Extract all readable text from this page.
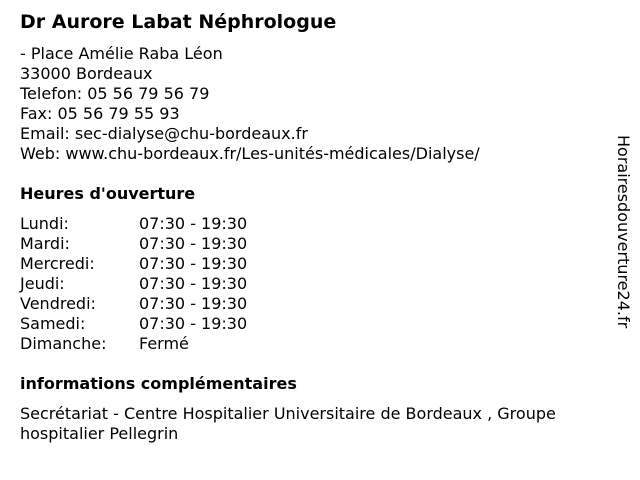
Dr Aurore Labat Néphrologue
- Place Amélie Raba Léon
33000 Bordeaux
Telefon: 05 56 79 56 79
Fax: 05 56 79 55 93
Email: sec-dialyse@chu-bordeaux.fr
Web: www.chu-bordeaux.fr/Les-unités-médicales/Dialyse/
Heures d'ouverture
Lundi:	07:30 - 19:30
Mardi:	07:30 - 19:30
Mercredi:	07:30 - 19:30
Jeudi:	07:30 - 19:30
Vendredi:	07:30 - 19:30
Samedi:	07:30 - 19:30
Dimanche:	Fermé
informations complémentaires
Secrétariat - Centre Hospitalier Universitaire de Bordeaux , Groupe hospitalier Pellegrin
Horairesdouverture24.fr
